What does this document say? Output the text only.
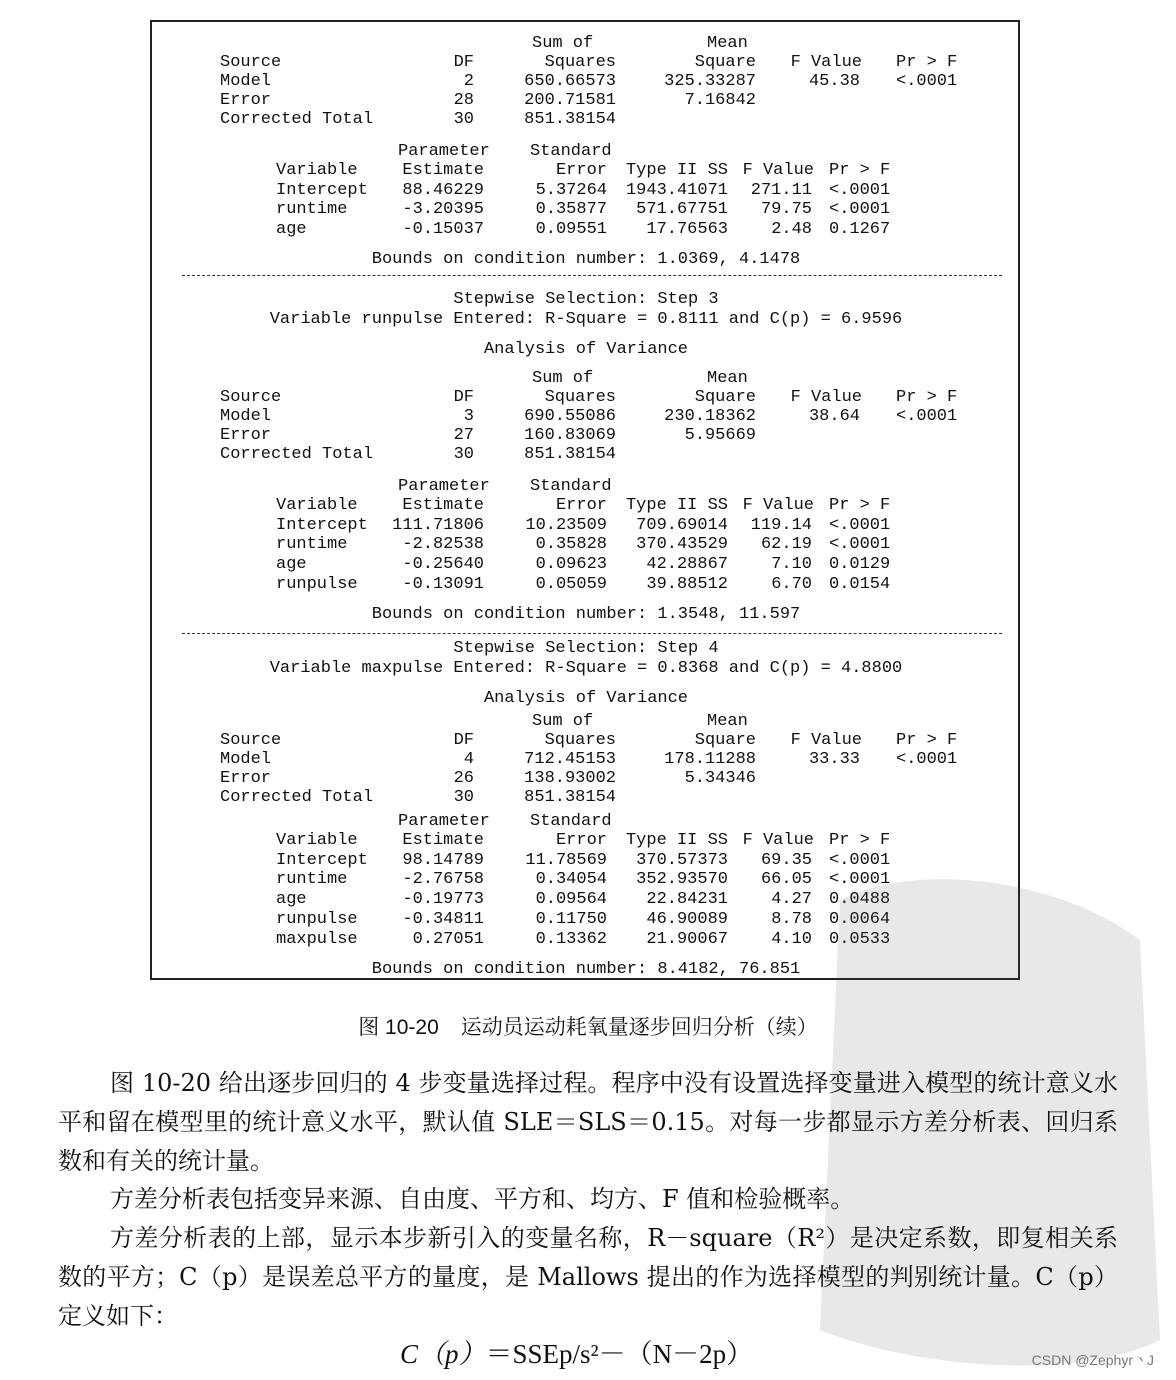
Sum of	Mean
Source	DF	Squares	Square	F Value Pr > F
Model	2	650.66573	325.33287	45.38 <.0001
Error	28	200.71581	7.16842
Corrected Total	30	851.38154
Parameter Standard
Variable	Estimate	Error	Type II SS F Value Pr > F
Intercept	88.46229	5.37264	1943.41071	271.11 <.0001
runtime	-3.20395	0.35877	571.67751	79.75 <.0001
age	-0.15037	0.09551	17.76563	2.48 0.1267
Bounds on condition number: 1.0369, 4.1478
Stepwise Selection: Step 3
Variable runpulse Entered: R-Square = 0.8111 and C(p) = 6.9596
Analysis of Variance
Sum of	Mean
Source	DF	Squares	Square	F Value Pr > F
Model	3	690.55086	230.18362	38.64 <.0001
Error	27	160.83069	5.95669
Corrected Total	30	851.38154
Parameter Standard
Variable	Estimate	Error	Type II SS F Value Pr > F
Intercept	111.71806	10.23509	709.69014	119.14 <.0001
runtime	-2.82538	0.35828	370.43529	62.19 <.0001
age	-0.25640	0.09623	42.28867	7.10 0.0129
runpulse	-0.13091	0.05059	39.88512	6.70 0.0154
Bounds on condition number: 1.3548, 11.597
Stepwise Selection: Step 4
Variable maxpulse Entered: R-Square = 0.8368 and C(p) = 4.8800
Analysis of Variance
Sum of	Mean
Source	DF	Squares	Square	F Value Pr > F
Model	4	712.45153	178.11288	33.33 <.0001
Error	26	138.93002	5.34346
Corrected Total	30	851.38154
Parameter Standard
Variable	Estimate	Error	Type II SS F Value Pr > F
Intercept	98.14789	11.78569	370.57373	69.35 <.0001
runtime	-2.76758	0.34054	352.93570	66.05 <.0001
age	-0.19773	0.09564	22.84231	4.27 0.0488
runpulse	-0.34811	0.11750	46.90089	8.78 0.0064
maxpulse	0.27051	0.13362	21.90067	4.10 0.0533
Bounds on condition number: 8.4182, 76.851
图 10-20 运动员运动耗氧量逐步回归分析（续）
图 10-20 给出逐步回归的 4 步变量选择过程。程序中没有设置选择变量进入模型的统计意义水平和留在模型里的统计意义水平，默认值 SLE＝SLS＝0.15。对每一步都显示方差分析表、回归系数和有关的统计量。
方差分析表包括变异来源、自由度、平方和、均方、F 值和检验概率。
方差分析表的上部，显示本步新引入的变量名称，R－square（R²）是决定系数，即复相关系数的平方；C（p）是误差总平方的量度，是 Mallows 提出的作为选择模型的判别统计量。C（p）定义如下：
C（p）＝SSEp/s²－（N－2p）	CSDN @Zephyr丶J
